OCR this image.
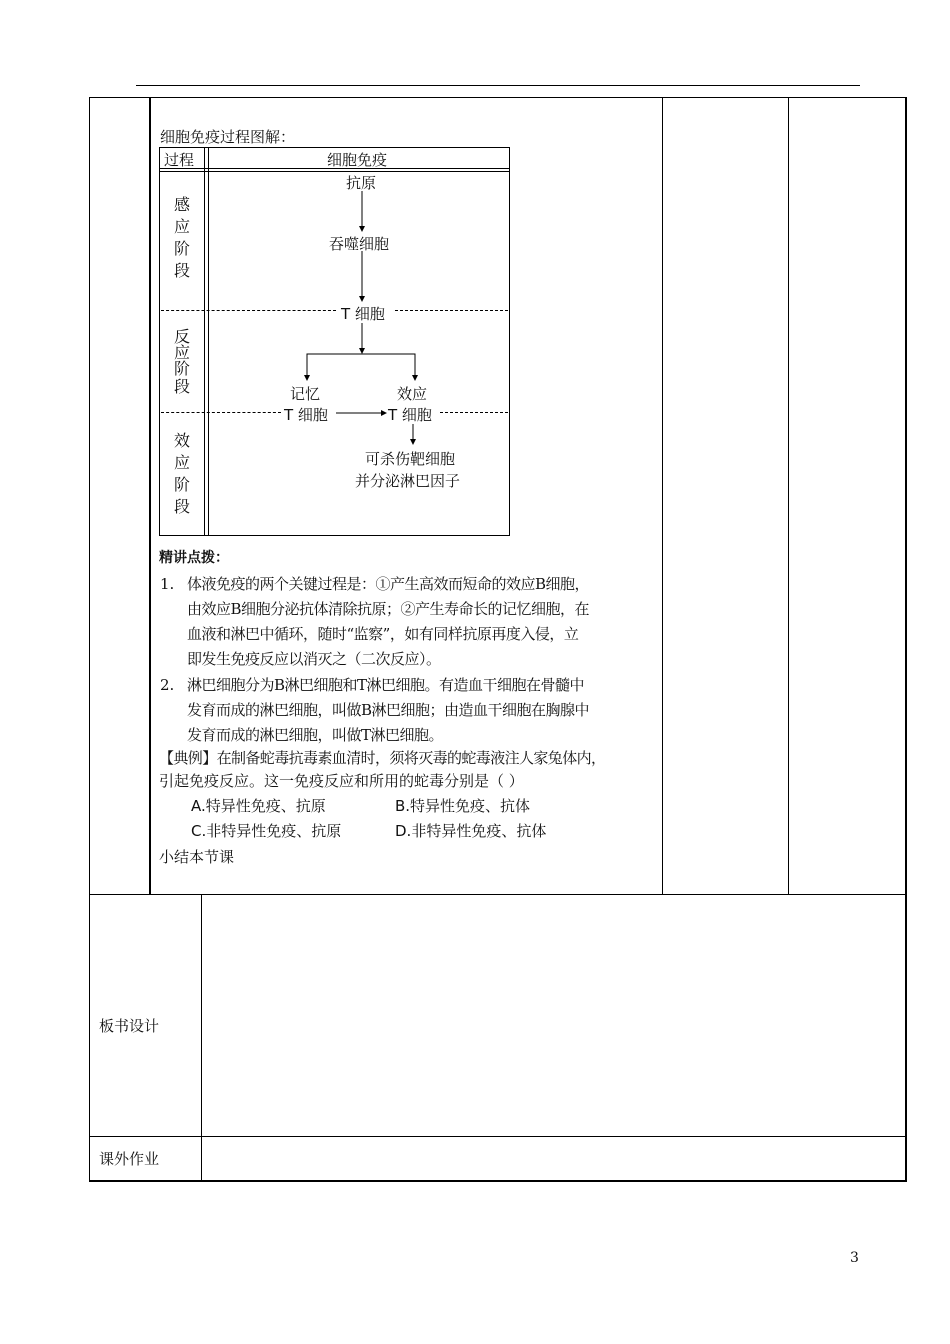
细胞免疫过程图解：
过程	细胞免疫
感
应
阶
段
反
应
阶
段
效
应
阶
段
抗原
吞噬细胞
T 细胞
记忆	效应
T 细胞	T 细胞
可杀伤靶细胞
并分泌淋巴因子
精讲点拨：
1. 体液免疫的两个关键过程是：①产生高效而短命的效应B细胞，
由效应B细胞分泌抗体清除抗原；②产生寿命长的记忆细胞，在
血液和淋巴中循环，随时“监察”，如有同样抗原再度入侵，立
即发生免疫反应以消灭之（二次反应）。
2. 淋巴细胞分为B淋巴细胞和T淋巴细胞。有造血干细胞在骨髓中
发育而成的淋巴细胞，叫做B淋巴细胞；由造血干细胞在胸腺中
发育而成的淋巴细胞，叫做T淋巴细胞。
【典例】在制备蛇毒抗毒素血清时，须将灭毒的蛇毒液注人家兔体内，
引起免疫反应。这一免疫反应和所用的蛇毒分别是（ ）
A.特异性免疫、抗原	B.特异性免疫、抗体
C.非特异性免疫、抗原	D.非特异性免疫、抗体
小结本节课
板书设计
课外作业
3
